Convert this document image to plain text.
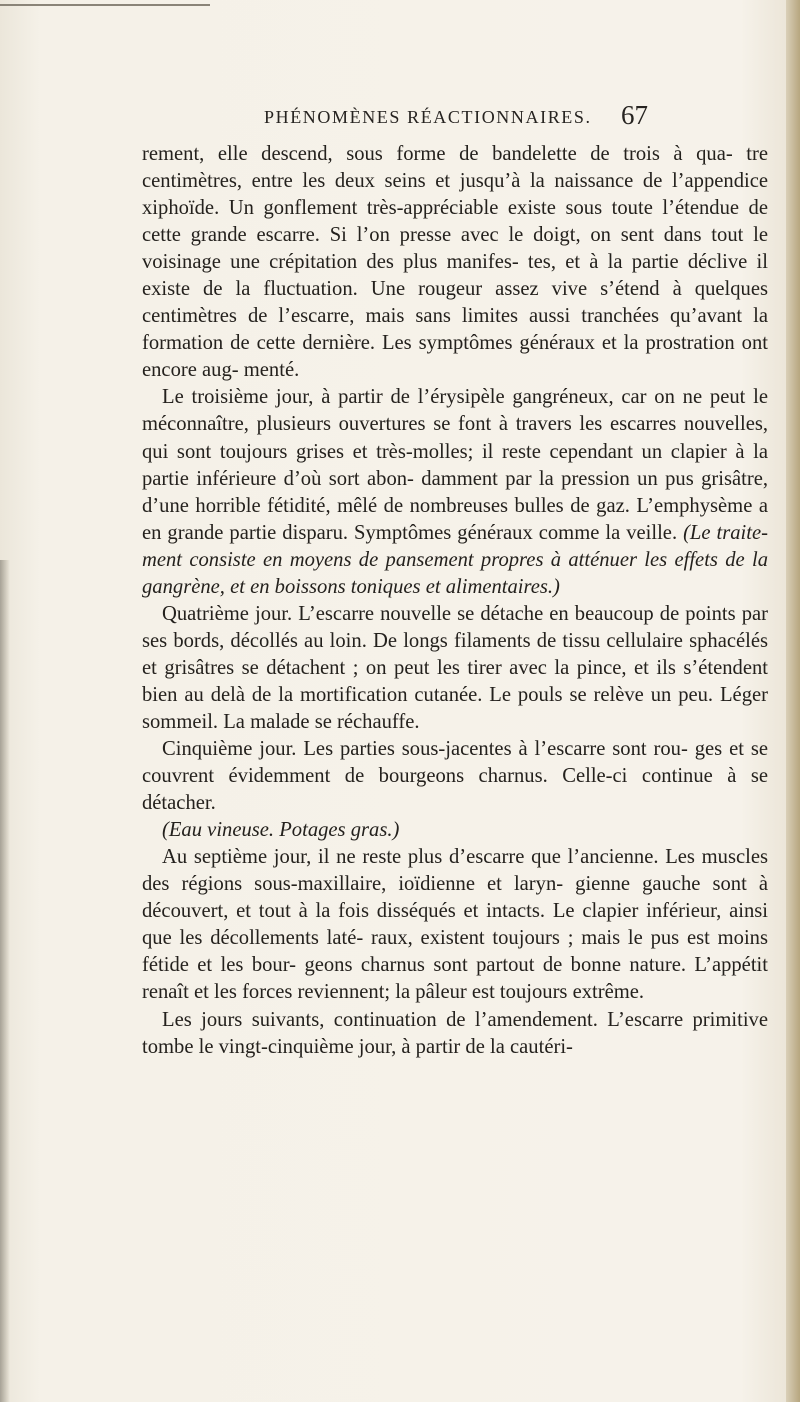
PHÉNOMÈNES RÉACTIONNAIRES. 67

rement, elle descend, sous forme de bandelette de trois à qua- tre centimètres, entre les deux seins et jusqu’à la naissance de l’appendice xiphoïde. Un gonflement très-appréciable existe sous toute l’étendue de cette grande escarre. Si l’on presse avec le doigt, on sent dans tout le voisinage une crépitation des plus manifes- tes, et à la partie déclive il existe de la fluctuation. Une rougeur assez vive s’étend à quelques centimètres de l’escarre, mais sans limites aussi tranchées qu’avant la formation de cette dernière. Les symptômes généraux et la prostration ont encore aug- menté.

Le troisième jour, à partir de l’érysipèle gangréneux, car on ne peut le méconnaître, plusieurs ouvertures se font à travers les escarres nouvelles, qui sont toujours grises et très-molles; il reste cependant un clapier à la partie inférieure d’où sort abon- damment par la pression un pus grisâtre, d’une horrible fétidité, mêlé de nombreuses bulles de gaz. L’emphysème a en grande partie disparu. Symptômes généraux comme la veille. (Le traite- ment consiste en moyens de pansement propres à atténuer les effets de la gangrène, et en boissons toniques et alimentaires.)

Quatrième jour. L’escarre nouvelle se détache en beaucoup de points par ses bords, décollés au loin. De longs filaments de tissu cellulaire sphacélés et grisâtres se détachent ; on peut les tirer avec la pince, et ils s’étendent bien au delà de la mortification cutanée. Le pouls se relève un peu. Léger sommeil. La malade se réchauffe.

Cinquième jour. Les parties sous-jacentes à l’escarre sont rou- ges et se couvrent évidemment de bourgeons charnus. Celle-ci continue à se détacher.

(Eau vineuse. Potages gras.)

Au septième jour, il ne reste plus d’escarre que l’ancienne. Les muscles des régions sous-maxillaire, ioïdienne et laryn- gienne gauche sont à découvert, et tout à la fois disséqués et intacts. Le clapier inférieur, ainsi que les décollements laté- raux, existent toujours ; mais le pus est moins fétide et les bour- geons charnus sont partout de bonne nature. L’appétit renaît et les forces reviennent; la pâleur est toujours extrême.

Les jours suivants, continuation de l’amendement. L’escarre primitive tombe le vingt-cinquième jour, à partir de la cautéri-
